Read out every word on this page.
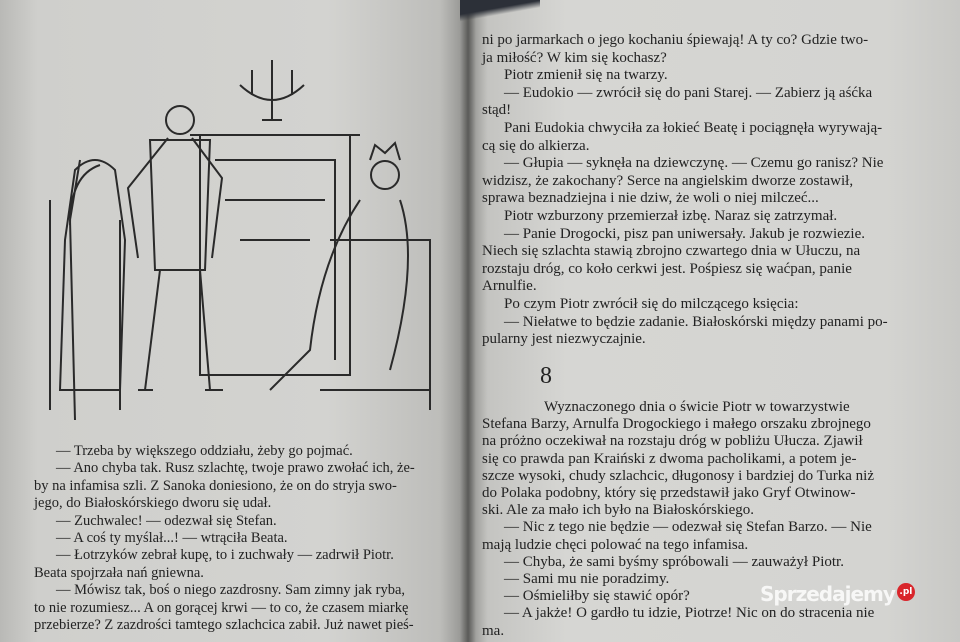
— Trzeba by większego oddziału, żeby go pojmać.

— Ano chyba tak. Rusz szlachtę, twoje prawo zwołać ich, że-

by na infamisa szli. Z Sanoka doniesiono, że on do stryja swo-

jego, do Białoskórskiego dworu się udał.

— Zuchwalec! — odezwał się Stefan.

— A coś ty myślał...! — wtrąciła Beata.

— Łotrzyków zebrał kupę, to i zuchwały — zadrwił Piotr.

Beata spojrzała nań gniewna.

— Mówisz tak, boś o niego zazdrosny. Sam zimny jak ryba,

to nie rozumiesz... A on gorącej krwi — to co, że czasem miarkę

przebierze? Z zazdrości tamtego szlachcica zabił. Już nawet pieś-

ni po jarmarkach o jego kochaniu śpiewają! A ty co? Gdzie two-

ja miłość? W kim się kochasz?

Piotr zmienił się na twarzy.

— Eudokio — zwrócił się do pani Starej. — Zabierz ją aśćka

stąd!

Pani Eudokia chwyciła za łokieć Beatę i pociągnęła wyrywają-

cą się do alkierza.

— Głupia — syknęła na dziewczynę. — Czemu go ranisz? Nie

widzisz, że zakochany? Serce na angielskim dworze zostawił,

sprawa beznadziejna i nie dziw, że woli o niej milczeć...

Piotr wzburzony przemierzał izbę. Naraz się zatrzymał.

— Panie Drogocki, pisz pan uniwersały. Jakub je rozwiezie.

Niech się szlachta stawią zbrojno czwartego dnia w Ułuczu, na

rozstaju dróg, co koło cerkwi jest. Pośpiesz się waćpan, panie

Arnulfie.

Po czym Piotr zwrócił się do milczącego księcia:

— Niełatwe to będzie zadanie. Białoskórski między panami po-

pularny jest niezwyczajnie.

8

Wyznaczonego dnia o świcie Piotr w towarzystwie

Stefana Barzy, Arnulfa Drogockiego i małego orszaku zbrojnego

na próżno oczekiwał na rozstaju dróg w pobliżu Ułucza. Zjawił

się co prawda pan Kraiński z dwoma pacholikami, a potem je-

szcze wysoki, chudy szlachcic, długonosy i bardziej do Turka niż

do Polaka podobny, który się przedstawił jako Gryf Otwinow-

ski. Ale za mało ich było na Białoskórskiego.

— Nic z tego nie będzie — odezwał się Stefan Barzo. — Nie

mają ludzie chęci polować na tego infamisa.

— Chyba, że sami byśmy spróbowali — zauważył Piotr.

— Sami mu nie poradzimy.

— Ośmieliłby się stawić opór?

— A jakże! O gardło tu idzie, Piotrze! Nic on do stracenia nie

ma.

Sprzedajemy .pl
